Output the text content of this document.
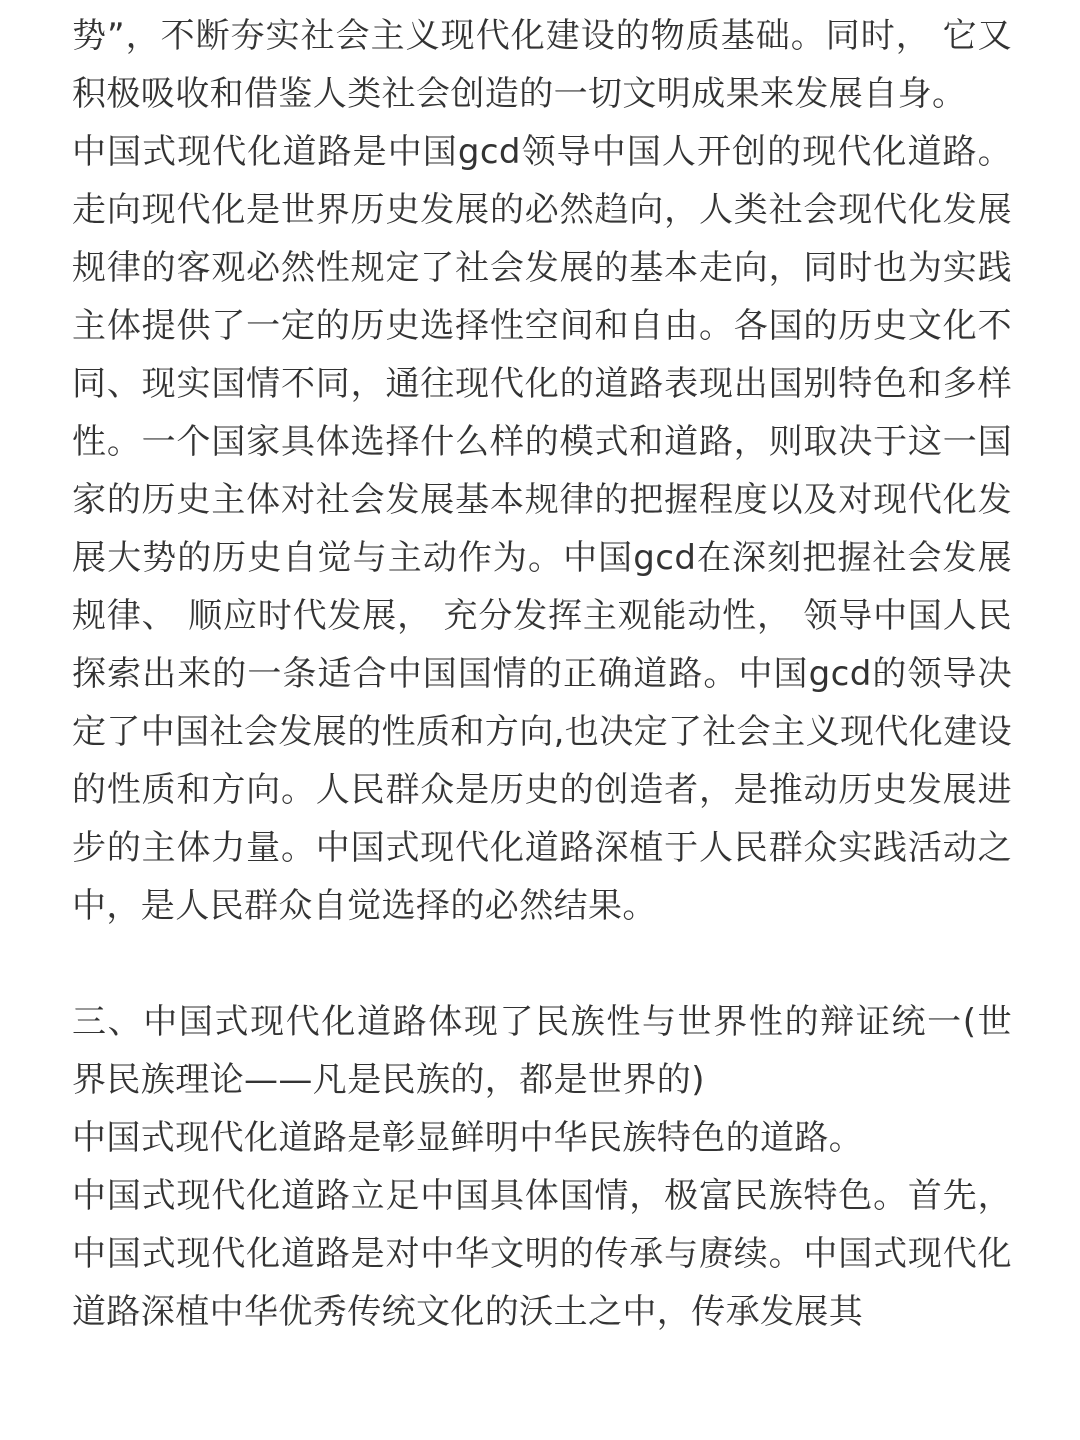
势”，不断夯实社会主义现代化建设的物质基础。同时， 它又积极吸收和借鉴人类社会创造的一切文明成果来发展自身。

中国式现代化道路是中国gcd领导中国人开创的现代化道路。走向现代化是世界历史发展的必然趋向，人类社会现代化发展规律的客观必然性规定了社会发展的基本走向，同时也为实践主体提供了一定的历史选择性空间和自由。各国的历史文化不同、现实国情不同，通往现代化的道路表现出国别特色和多样性。一个国家具体选择什么样的模式和道路，则取决于这一国家的历史主体对社会发展基本规律的把握程度以及对现代化发展大势的历史自觉与主动作为。中国gcd在深刻把握社会发展规律、 顺应时代发展， 充分发挥主观能动性， 领导中国人民探索出来的一条适合中国国情的正确道路。中国gcd的领导决定了中国社会发展的性质和方向,也决定了社会主义现代化建设的性质和方向。人民群众是历史的创造者，是推动历史发展进步的主体力量。中国式现代化道路深植于人民群众实践活动之中，是人民群众自觉选择的必然结果。

三、中国式现代化道路体现了民族性与世界性的辩证统一(世界民族理论——凡是民族的，都是世界的)

中国式现代化道路是彰显鲜明中华民族特色的道路。

中国式现代化道路立足中国具体国情，极富民族特色。首先，中国式现代化道路是对中华文明的传承与赓续。中国式现代化道路深植中华优秀传统文化的沃土之中，传承发展其
